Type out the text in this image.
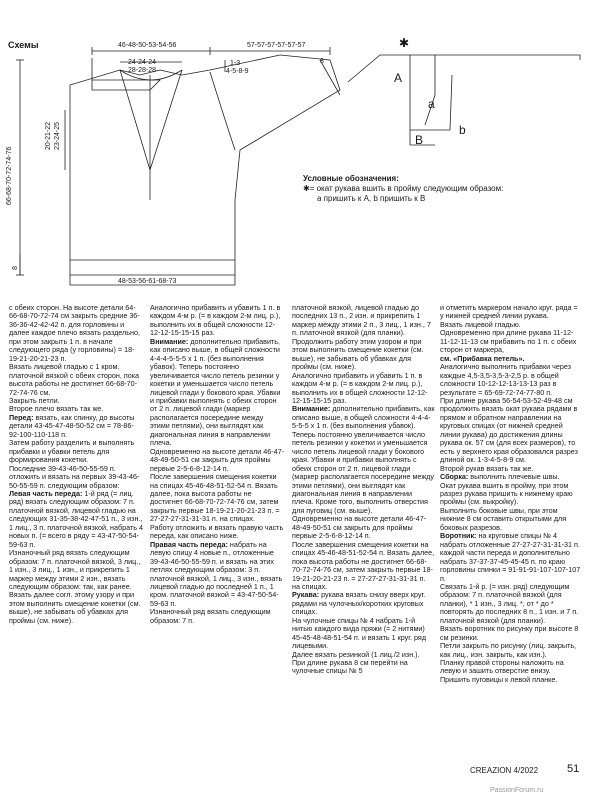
Схемы	✱
46-48-50-53-54-56	57-57-57-57-57-57
24-24-24
28-28-28
1-3
4-5-8-9
8
66-68-70-72-74-76
20-21-22 23-24-25
8
48-53-56-61-68-73
A
a
b
B
Условные обозначения:
✱= окат рукава вшить в пройму следующим образом:
а пришить к A, b пришить к B

с обеих сторон. На высоте детали 64-66-68-70-72-74 см закрыть средние 36-36-36-42-42-42 п. для горловины и далее каждое плечо вязать раздельно, при этом закрыть 1 п. в начале следующего ряда (у горловины) = 18-19-21-20-21-23 п.

Вязать лицевой гладью с 1 кром. платочной вязкой с обеих сторон, пока высота работы не достигнет 66-68-70-72-74-76 см.

Закрыть петли.

Второе плечо вязать так же.

Перед: вязать, как спинку, до высоты детали 43-45-47-48-50-52 см = 78-86-92-100-110-118 п.

Затем работу разделить и выполнять прибавки и убавки петель для формирования кокетки.

Последние 39-43-46-50-55-59 п. отложить и вязать на первых 39-43-46-50-55-59 п. следующим образом:

Левая часть переда: 1-й ряд (= лиц. ряд) вязать следующим образом: 7 п. платочной вязкой, лицевой гладью на следующих 31-35-38-42-47-51 п., 3 изн., 1 лиц., 3 п. платочной вязкой, набрать 4 новых п. (= всего в ряду = 43-47-50-54-59-63 п.

Изнаночный ряд вязать следующим образом: 7 п. платочной вязкой, 3 лиц., 1 изн., 3 лиц., 1 изн., и прикрепить 1 маркер между этими 2 изн., вязать следующим образом: так, как ранее.

Вязать далее согл. этому узору и при этом выполнить смещение кокетки (см. выше), не забывать об убавках для проймы (см. ниже).

Аналогично прибавить и убавить 1 п. в каждом 4-м р. (= в каждом 2-м лиц. р.), выполнить их в общей сложности 12-12-12-15-15-15 раз.

Внимание: дополнительно прибавить, как описано выше, в общей сложности 4-4-4-5-5-5 х 1 п. (без выполнения убавок). Теперь постоянно увеличивается число петель резинки у кокетки и уменьшается число петель лицевой глади у бокового края. Убавки и прибавки выполнять с обеих сторон от 2 п. лицевой глади (маркер располагается посередине между этими петлями), они выглядят как диагональная линия в направлении плеча.

Одновременно на высоте детали 46-47-48-49-50-51 см закрыть для проймы первые 2-5-6-8-12-14 п.

После завершения смещения кокетки на спицах 45-46-48-51-52-54 п. Вязать далее, пока высота работы не достигнет 66-68-70-72-74-76 см, затем закрыть первые 18-19-21-20-21-23 п. = 27-27-27-31-31-31 п. на спицах.

Работу отложить и вязать правую часть переда, как описано ниже.

Правая часть переда: набрать на левую спицу 4 новые п., отложенные 39-43-46-50-55-59 п. и вязать на этих петлях следующим образом: 3 п. платочной вязкой, 1 лиц., 3 изн., вязать лицевой гладью до последней 1 п., 1 кром. платочной вязкой = 43-47-50-54-59-63 п.

Изнаночный ряд вязать следующим образом: 7 п.

платочной вязкой, лицевой гладью до последних 13 п., 2 изн. и прикрепить 1 маркер между этими 2 п., 3 лиц., 1 изн., 7 п. платочной вязкой (для планки).

Продолжить работу этим узором и при этом выполнить смещение кокетки (см. выше), не забывать об убавках для проймы (см. ниже).

Аналогично прибавить и убавить 1 п. в каждом 4-м р. (= в каждом 2-м лиц. р.), выполнить их в общей сложности 12-12-12-15-15-15 раз.

Внимание: дополнительно прибавить, как описано выше, в общей сложности 4-4-4-5-5-5 х 1 п. (без выполнения убавок).

Теперь постоянно увеличивается число петель резинки у кокетки и уменьшается число петель лицевой глади у бокового края. Убавки и прибавки выполнять с обеих сторон от 2 п. лицевой глади (маркер располагается посередине между этими петлями), они выглядят как диагональная линия в направлении плеча. Кроме того, выполнить отверстия для пуговиц (см. выше).

Одновременно на высоте детали 46-47-48-49-50-51 см закрыть для проймы первые 2-5-6-8-12-14 п.

После завершения смещения кокетки на спицах 45-46-48-51-52-54 п. Вязать далее, пока высота работы не достигнет 66-68-70-72-74-76 см, затем закрыть первые 18-19-21-20-21-23 п. = 27-27-27-31-31-31 п. на спицах.

Рукава: рукава вязать снизу вверх круг. рядами на чулочных/коротких круговых спицах.

На чулочные спицы № 4 набрать 1-й нитью каждого вида пряжи (= 2 нитями) 45-45-48-48-51-54 п. и вязать 1 круг. ряд лицевыми.

Далее вязать резинкой (1 лиц./2 изн.).

При длине рукава 8 см перейти на чулочные спицы № 5

и отметить маркером начало круг. ряда = у нижней средней линии рукава.

Вязать лицевой гладью.

Одновременно при длине рукава 11-12-11-12-11-13 см прибавить по 1 п. с обеих сторон от маркера,

см. «Прибавка петель».

Аналогично выполнить прибавки через каждые 4,5-3,5-3,5-3-2,5 р. в общей сложности 10-12-12-13-13-13 раз в результате = 65-69-72-74-77-80 п.

При длине рукава 56-54-53-52-49-48 см продолжить вязать окат рукава рядами в прямом и обратном направлении на круговых спицах (от нижней средней линии рукава) до достижения длины рукава ок. 57 см (для всех размеров), то есть у верхнего края образовался разрез длиной ок. 1-3-4-5-8-9 см.

Второй рукав вязать так же.

Сборка: выполнить плечевые швы.

Окат рукава вшить в пройму, при этом разрез рукава пришить к нижнему краю проймы (см. выкройку).

Выполнить боковые швы, при этом нижние 8 см оставить открытыми для боковых разрезов.

Воротник: на круговые спицы № 4 набрать отложенные 27-27-27-31-31-31 п. каждой части переда и дополнительно набрать 37-37-37-45-45-45 п. по краю горловины спинки = 91-91-91-107-107-107 п.

Связать 1-й р. (= изн. ряд) следующим образом: 7 п. платочной вязкой (для планки), * 1 изн., 3 лиц. *, от * до * повторять до последних 8 п., 1 изн. и 7 п. платочной вязкой (для планки).

Вязать воротник по рисунку при высоте 8 см резинки.

Петли закрыть по рисунку (лиц. закрыть, как лиц., изн. закрыть, как изн.).

Планку правой стороны наложить на левую и зашить отверстие внизу.

Пришить пуговицы к левой планке.

CREAZION 4/2022	51
PassionForum.ru
